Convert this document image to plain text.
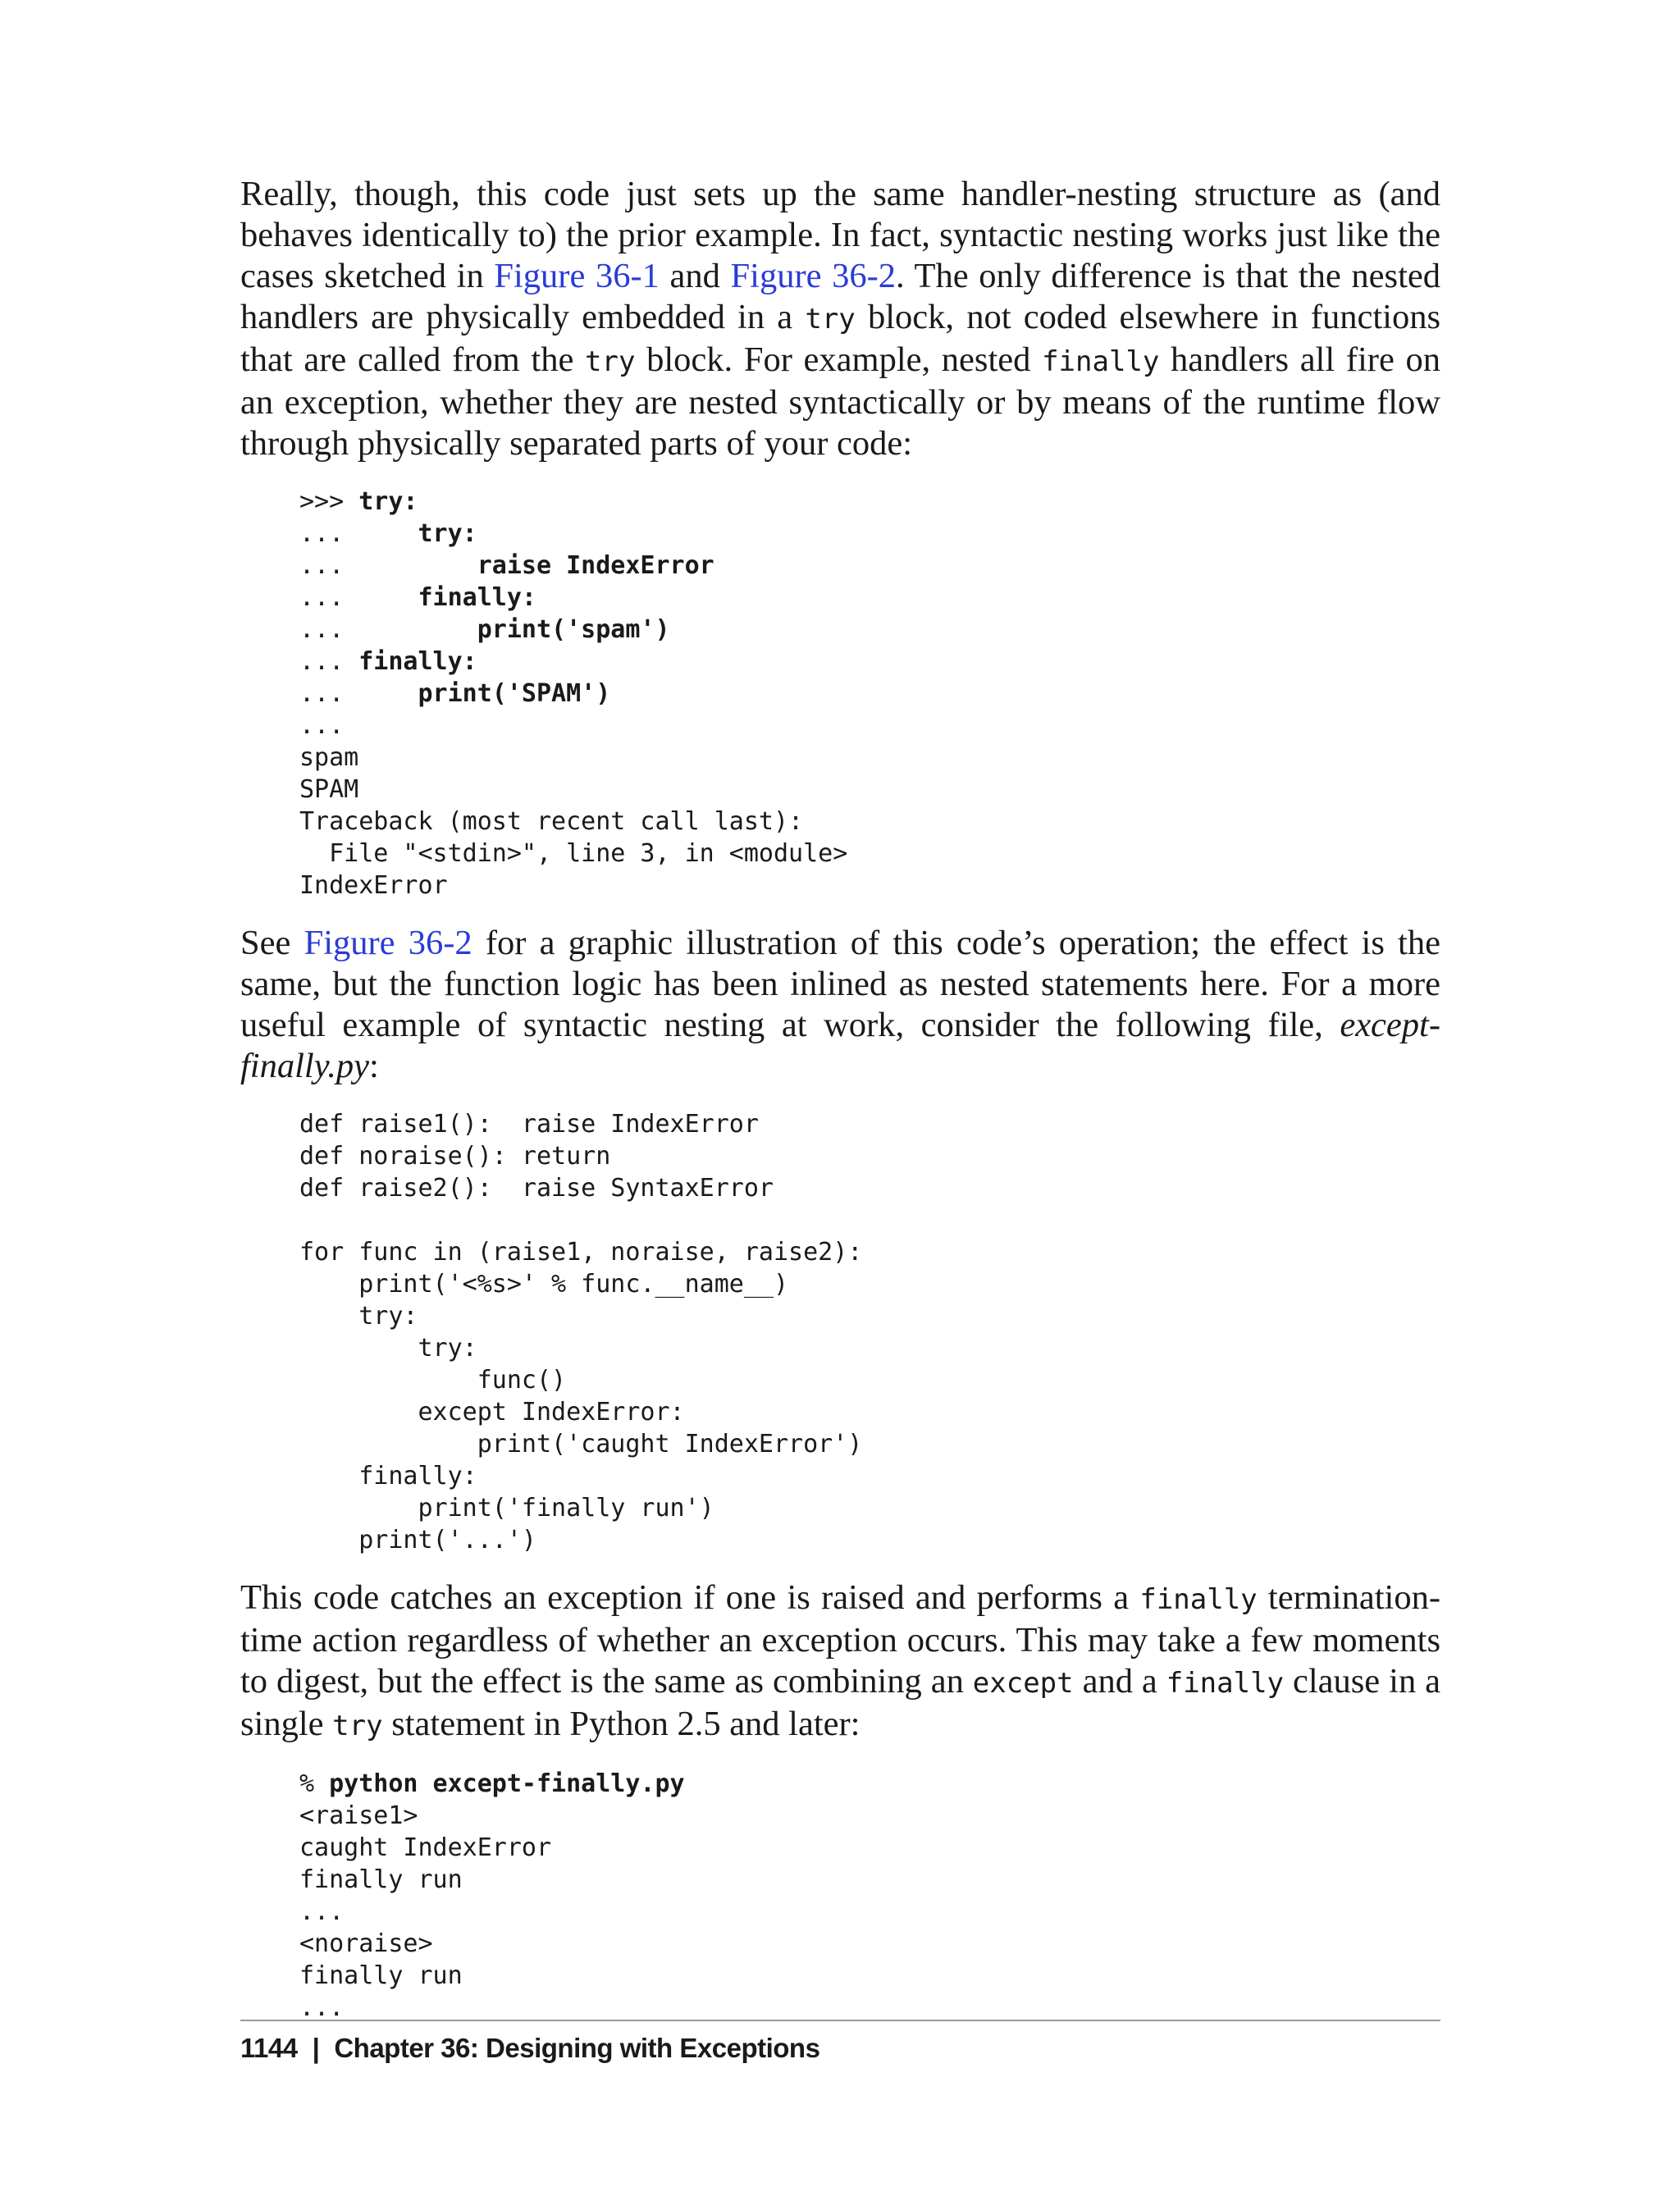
Really, though, this code just sets up the same handler-nesting structure as (and behaves identically to) the prior example. In fact, syntactic nesting works just like the cases sketched in Figure 36-1 and Figure 36-2. The only difference is that the nested handlers are physically embedded in a try block, not coded elsewhere in functions that are called from the try block. For example, nested finally handlers all fire on an exception, whether they are nested syntactically or by means of the runtime flow through physically separated parts of your code:

>>> try:
...     try:
...         raise IndexError
...     finally:
...         print('spam')
... finally:
...     print('SPAM')
...
spam
SPAM
Traceback (most recent call last):
File "<stdin>", line 3, in <module>
IndexError

See Figure 36-2 for a graphic illustration of this code’s operation; the effect is the same, but the function logic has been inlined as nested statements here. For a more useful example of syntactic nesting at work, consider the following file, except-finally.py:

def raise1():  raise IndexError
def noraise(): return
def raise2():  raise SyntaxError

for func in (raise1, noraise, raise2):
print('<%s>' % func.__name__)
try:
try:
func()
except IndexError:
print('caught IndexError')
finally:
print('finally run')
print('...')

This code catches an exception if one is raised and performs a finally termination-time action regardless of whether an exception occurs. This may take a few moments to digest, but the effect is the same as combining an except and a finally clause in a single try statement in Python 2.5 and later:

% python except-finally.py
<raise1>
caught IndexError
finally run
...
<noraise>
finally run
...
1144 | Chapter 36: Designing with Exceptions
